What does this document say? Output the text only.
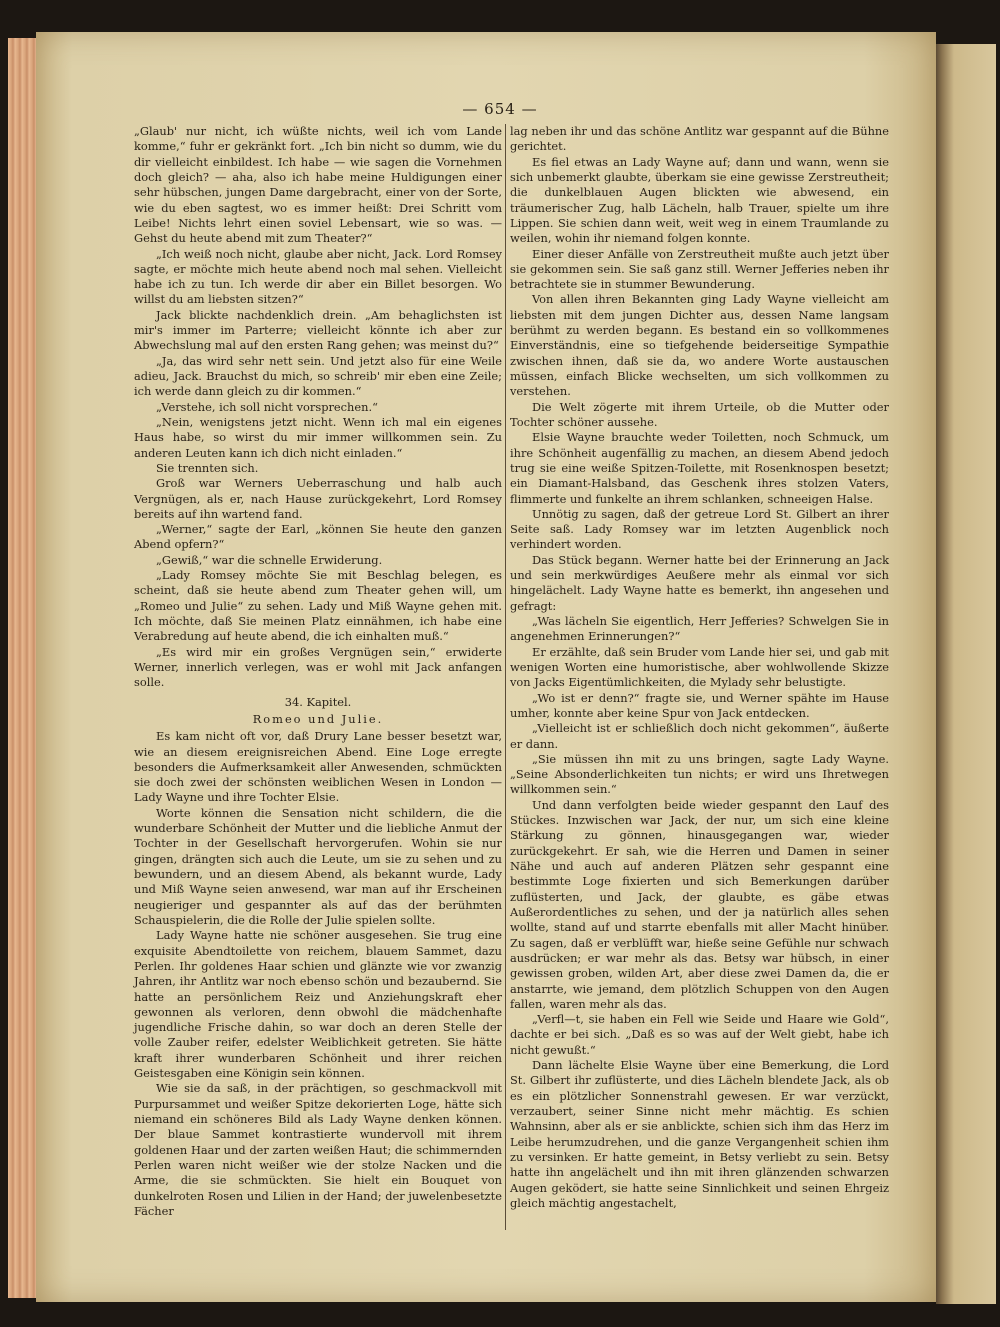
— 654 —

„Glaub' nur nicht, ich wüßte nichts, weil ich vom Lande komme,“ fuhr er gekränkt fort. „Ich bin nicht so dumm, wie du dir vielleicht einbildest. Ich habe — wie sagen die Vornehmen doch gleich? — aha, also ich habe meine Huldigungen einer sehr hübschen, jungen Dame dargebracht, einer von der Sorte, wie du eben sagtest, wo es immer heißt: Drei Schritt vom Leibe! Nichts lehrt einen soviel Lebensart, wie so was. — Gehst du heute abend mit zum Theater?“

„Ich weiß noch nicht, glaube aber nicht, Jack. Lord Romsey sagte, er möchte mich heute abend noch mal sehen. Vielleicht habe ich zu tun. Ich werde dir aber ein Billet besorgen. Wo willst du am liebsten sitzen?“

Jack blickte nachdenklich drein. „Am behaglichsten ist mir's immer im Parterre; vielleicht könnte ich aber zur Abwechslung mal auf den ersten Rang gehen; was meinst du?“

„Ja, das wird sehr nett sein. Und jetzt also für eine Weile adieu, Jack. Brauchst du mich, so schreib' mir eben eine Zeile; ich werde dann gleich zu dir kommen.“

„Verstehe, ich soll nicht vorsprechen.“

„Nein, wenigstens jetzt nicht. Wenn ich mal ein eigenes Haus habe, so wirst du mir immer willkommen sein. Zu anderen Leuten kann ich dich nicht einladen.“

Sie trennten sich.

Groß war Werners Ueberraschung und halb auch Vergnügen, als er, nach Hause zurückgekehrt, Lord Romsey bereits auf ihn wartend fand.

„Werner,“ sagte der Earl, „können Sie heute den ganzen Abend opfern?“

„Gewiß,“ war die schnelle Erwiderung.

„Lady Romsey möchte Sie mit Beschlag belegen, es scheint, daß sie heute abend zum Theater gehen will, um „Romeo und Julie“ zu sehen. Lady und Miß Wayne gehen mit. Ich möchte, daß Sie meinen Platz einnähmen, ich habe eine Verabredung auf heute abend, die ich einhalten muß.“

„Es wird mir ein großes Vergnügen sein,“ erwiderte Werner, innerlich verlegen, was er wohl mit Jack anfangen solle.

34. Kapitel.

Romeo und Julie.

Es kam nicht oft vor, daß Drury Lane besser besetzt war, wie an diesem ereignisreichen Abend. Eine Loge erregte besonders die Aufmerksamkeit aller Anwesenden, schmückten sie doch zwei der schönsten weiblichen Wesen in London — Lady Wayne und ihre Tochter Elsie.

Worte können die Sensation nicht schildern, die die wunderbare Schönheit der Mutter und die liebliche Anmut der Tochter in der Gesellschaft hervorgerufen. Wohin sie nur gingen, drängten sich auch die Leute, um sie zu sehen und zu bewundern, und an diesem Abend, als bekannt wurde, Lady und Miß Wayne seien anwesend, war man auf ihr Erscheinen neugieriger und gespannter als auf das der berühmten Schauspielerin, die die Rolle der Julie spielen sollte.

Lady Wayne hatte nie schöner ausgesehen. Sie trug eine exquisite Abendtoilette von reichem, blauem Sammet, dazu Perlen. Ihr goldenes Haar schien und glänzte wie vor zwanzig Jahren, ihr Antlitz war noch ebenso schön und bezaubernd. Sie hatte an persönlichem Reiz und Anziehungskraft eher gewonnen als verloren, denn obwohl die mädchenhafte jugendliche Frische dahin, so war doch an deren Stelle der volle Zauber reifer, edelster Weiblichkeit getreten. Sie hätte kraft ihrer wunderbaren Schönheit und ihrer reichen Geistesgaben eine Königin sein können.

Wie sie da saß, in der prächtigen, so geschmackvoll mit Purpursammet und weißer Spitze dekorierten Loge, hätte sich niemand ein schöneres Bild als Lady Wayne denken können. Der blaue Sammet kontrastierte wundervoll mit ihrem goldenen Haar und der zarten weißen Haut; die schimmernden Perlen waren nicht weißer wie der stolze Nacken und die Arme, die sie schmückten. Sie hielt ein Bouquet von dunkelroten Rosen und Lilien in der Hand; der juwelenbesetzte Fächer

lag neben ihr und das schöne Antlitz war gespannt auf die Bühne gerichtet.

Es fiel etwas an Lady Wayne auf; dann und wann, wenn sie sich unbemerkt glaubte, überkam sie eine gewisse Zerstreutheit; die dunkelblauen Augen blickten wie abwesend, ein träumerischer Zug, halb Lächeln, halb Trauer, spielte um ihre Lippen. Sie schien dann weit, weit weg in einem Traumlande zu weilen, wohin ihr niemand folgen konnte.

Einer dieser Anfälle von Zerstreutheit mußte auch jetzt über sie gekommen sein. Sie saß ganz still. Werner Jefferies neben ihr betrachtete sie in stummer Bewunderung.

Von allen ihren Bekannten ging Lady Wayne vielleicht am liebsten mit dem jungen Dichter aus, dessen Name langsam berühmt zu werden begann. Es bestand ein so vollkommenes Einverständnis, eine so tiefgehende beiderseitige Sympathie zwischen ihnen, daß sie da, wo andere Worte austauschen müssen, einfach Blicke wechselten, um sich vollkommen zu verstehen.

Die Welt zögerte mit ihrem Urteile, ob die Mutter oder Tochter schöner aussehe.

Elsie Wayne brauchte weder Toiletten, noch Schmuck, um ihre Schönheit augenfällig zu machen, an diesem Abend jedoch trug sie eine weiße Spitzen-Toilette, mit Rosenknospen besetzt; ein Diamant-Halsband, das Geschenk ihres stolzen Vaters, flimmerte und funkelte an ihrem schlanken, schneeigen Halse.

Unnötig zu sagen, daß der getreue Lord St. Gilbert an ihrer Seite saß. Lady Romsey war im letzten Augenblick noch verhindert worden.

Das Stück begann. Werner hatte bei der Erinnerung an Jack und sein merkwürdiges Aeußere mehr als einmal vor sich hingelächelt. Lady Wayne hatte es bemerkt, ihn angesehen und gefragt:

„Was lächeln Sie eigentlich, Herr Jefferies? Schwelgen Sie in angenehmen Erinnerungen?“

Er erzählte, daß sein Bruder vom Lande hier sei, und gab mit wenigen Worten eine humoristische, aber wohlwollende Skizze von Jacks Eigentümlichkeiten, die Mylady sehr belustigte.

„Wo ist er denn?“ fragte sie, und Werner spähte im Hause umher, konnte aber keine Spur von Jack entdecken.

„Vielleicht ist er schließlich doch nicht gekommen“, äußerte er dann.

„Sie müssen ihn mit zu uns bringen, sagte Lady Wayne. „Seine Absonderlichkeiten tun nichts; er wird uns Ihretwegen willkommen sein.“

Und dann verfolgten beide wieder gespannt den Lauf des Stückes. Inzwischen war Jack, der nur, um sich eine kleine Stärkung zu gönnen, hinausgegangen war, wieder zurückgekehrt. Er sah, wie die Herren und Damen in seiner Nähe und auch auf anderen Plätzen sehr gespannt eine bestimmte Loge fixierten und sich Bemerkungen darüber zuflüsterten, und Jack, der glaubte, es gäbe etwas Außerordentliches zu sehen, und der ja natürlich alles sehen wollte, stand auf und starrte ebenfalls mit aller Macht hinüber. Zu sagen, daß er verblüfft war, hieße seine Gefühle nur schwach ausdrücken; er war mehr als das. Betsy war hübsch, in einer gewissen groben, wilden Art, aber diese zwei Damen da, die er anstarrte, wie jemand, dem plötzlich Schuppen von den Augen fallen, waren mehr als das.

„Verfl—t, sie haben ein Fell wie Seide und Haare wie Gold“, dachte er bei sich. „Daß es so was auf der Welt giebt, habe ich nicht gewußt.“

Dann lächelte Elsie Wayne über eine Bemerkung, die Lord St. Gilbert ihr zuflüsterte, und dies Lächeln blendete Jack, als ob es ein plötzlicher Sonnenstrahl gewesen. Er war verzückt, verzaubert, seiner Sinne nicht mehr mächtig. Es schien Wahnsinn, aber als er sie anblickte, schien sich ihm das Herz im Leibe herumzudrehen, und die ganze Vergangenheit schien ihm zu versinken. Er hatte gemeint, in Betsy verliebt zu sein. Betsy hatte ihn angelächelt und ihn mit ihren glänzenden schwarzen Augen geködert, sie hatte seine Sinnlichkeit und seinen Ehrgeiz gleich mächtig angestachelt,
